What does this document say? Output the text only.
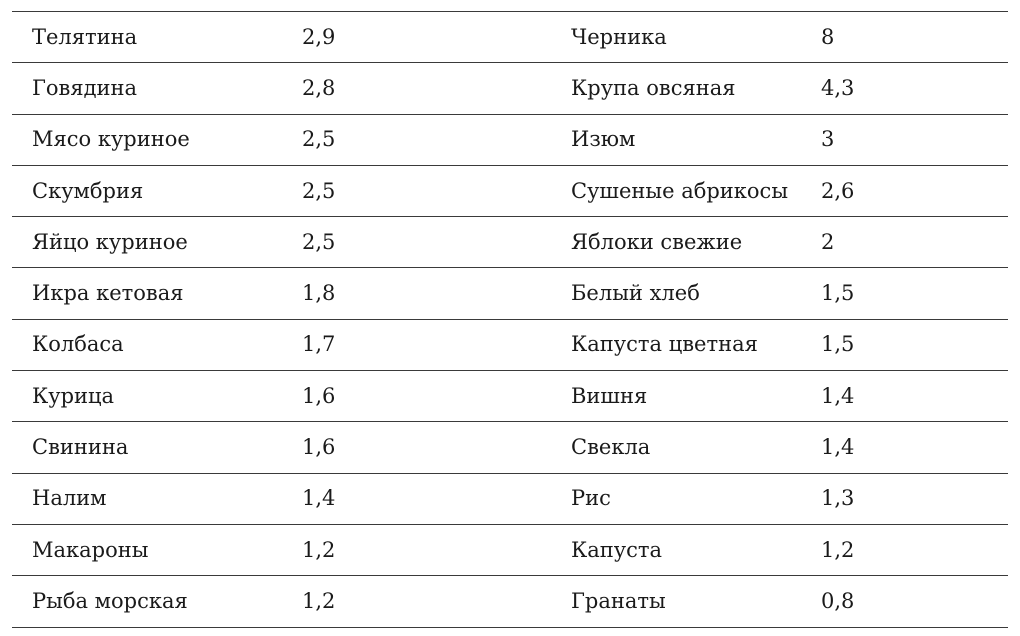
Телятина	2,9	Черника	8
Говядина	2,8	Крупа овсяная	4,3
Мясо куриное	2,5	Изюм	3
Скумбрия	2,5	Сушеные абрикосы 2,6
Яйцо куриное	2,5	Яблоки свежие	2
Икра кетовая	1,8	Белый хлеб	1,5
Колбаса	1,7	Капуста цветная	1,5
Курица	1,6	Вишня	1,4
Свинина	1,6	Свекла	1,4
Налим	1,4	Рис	1,3
Макароны	1,2	Капуста	1,2
Рыба морская	1,2	Гранаты	0,8
